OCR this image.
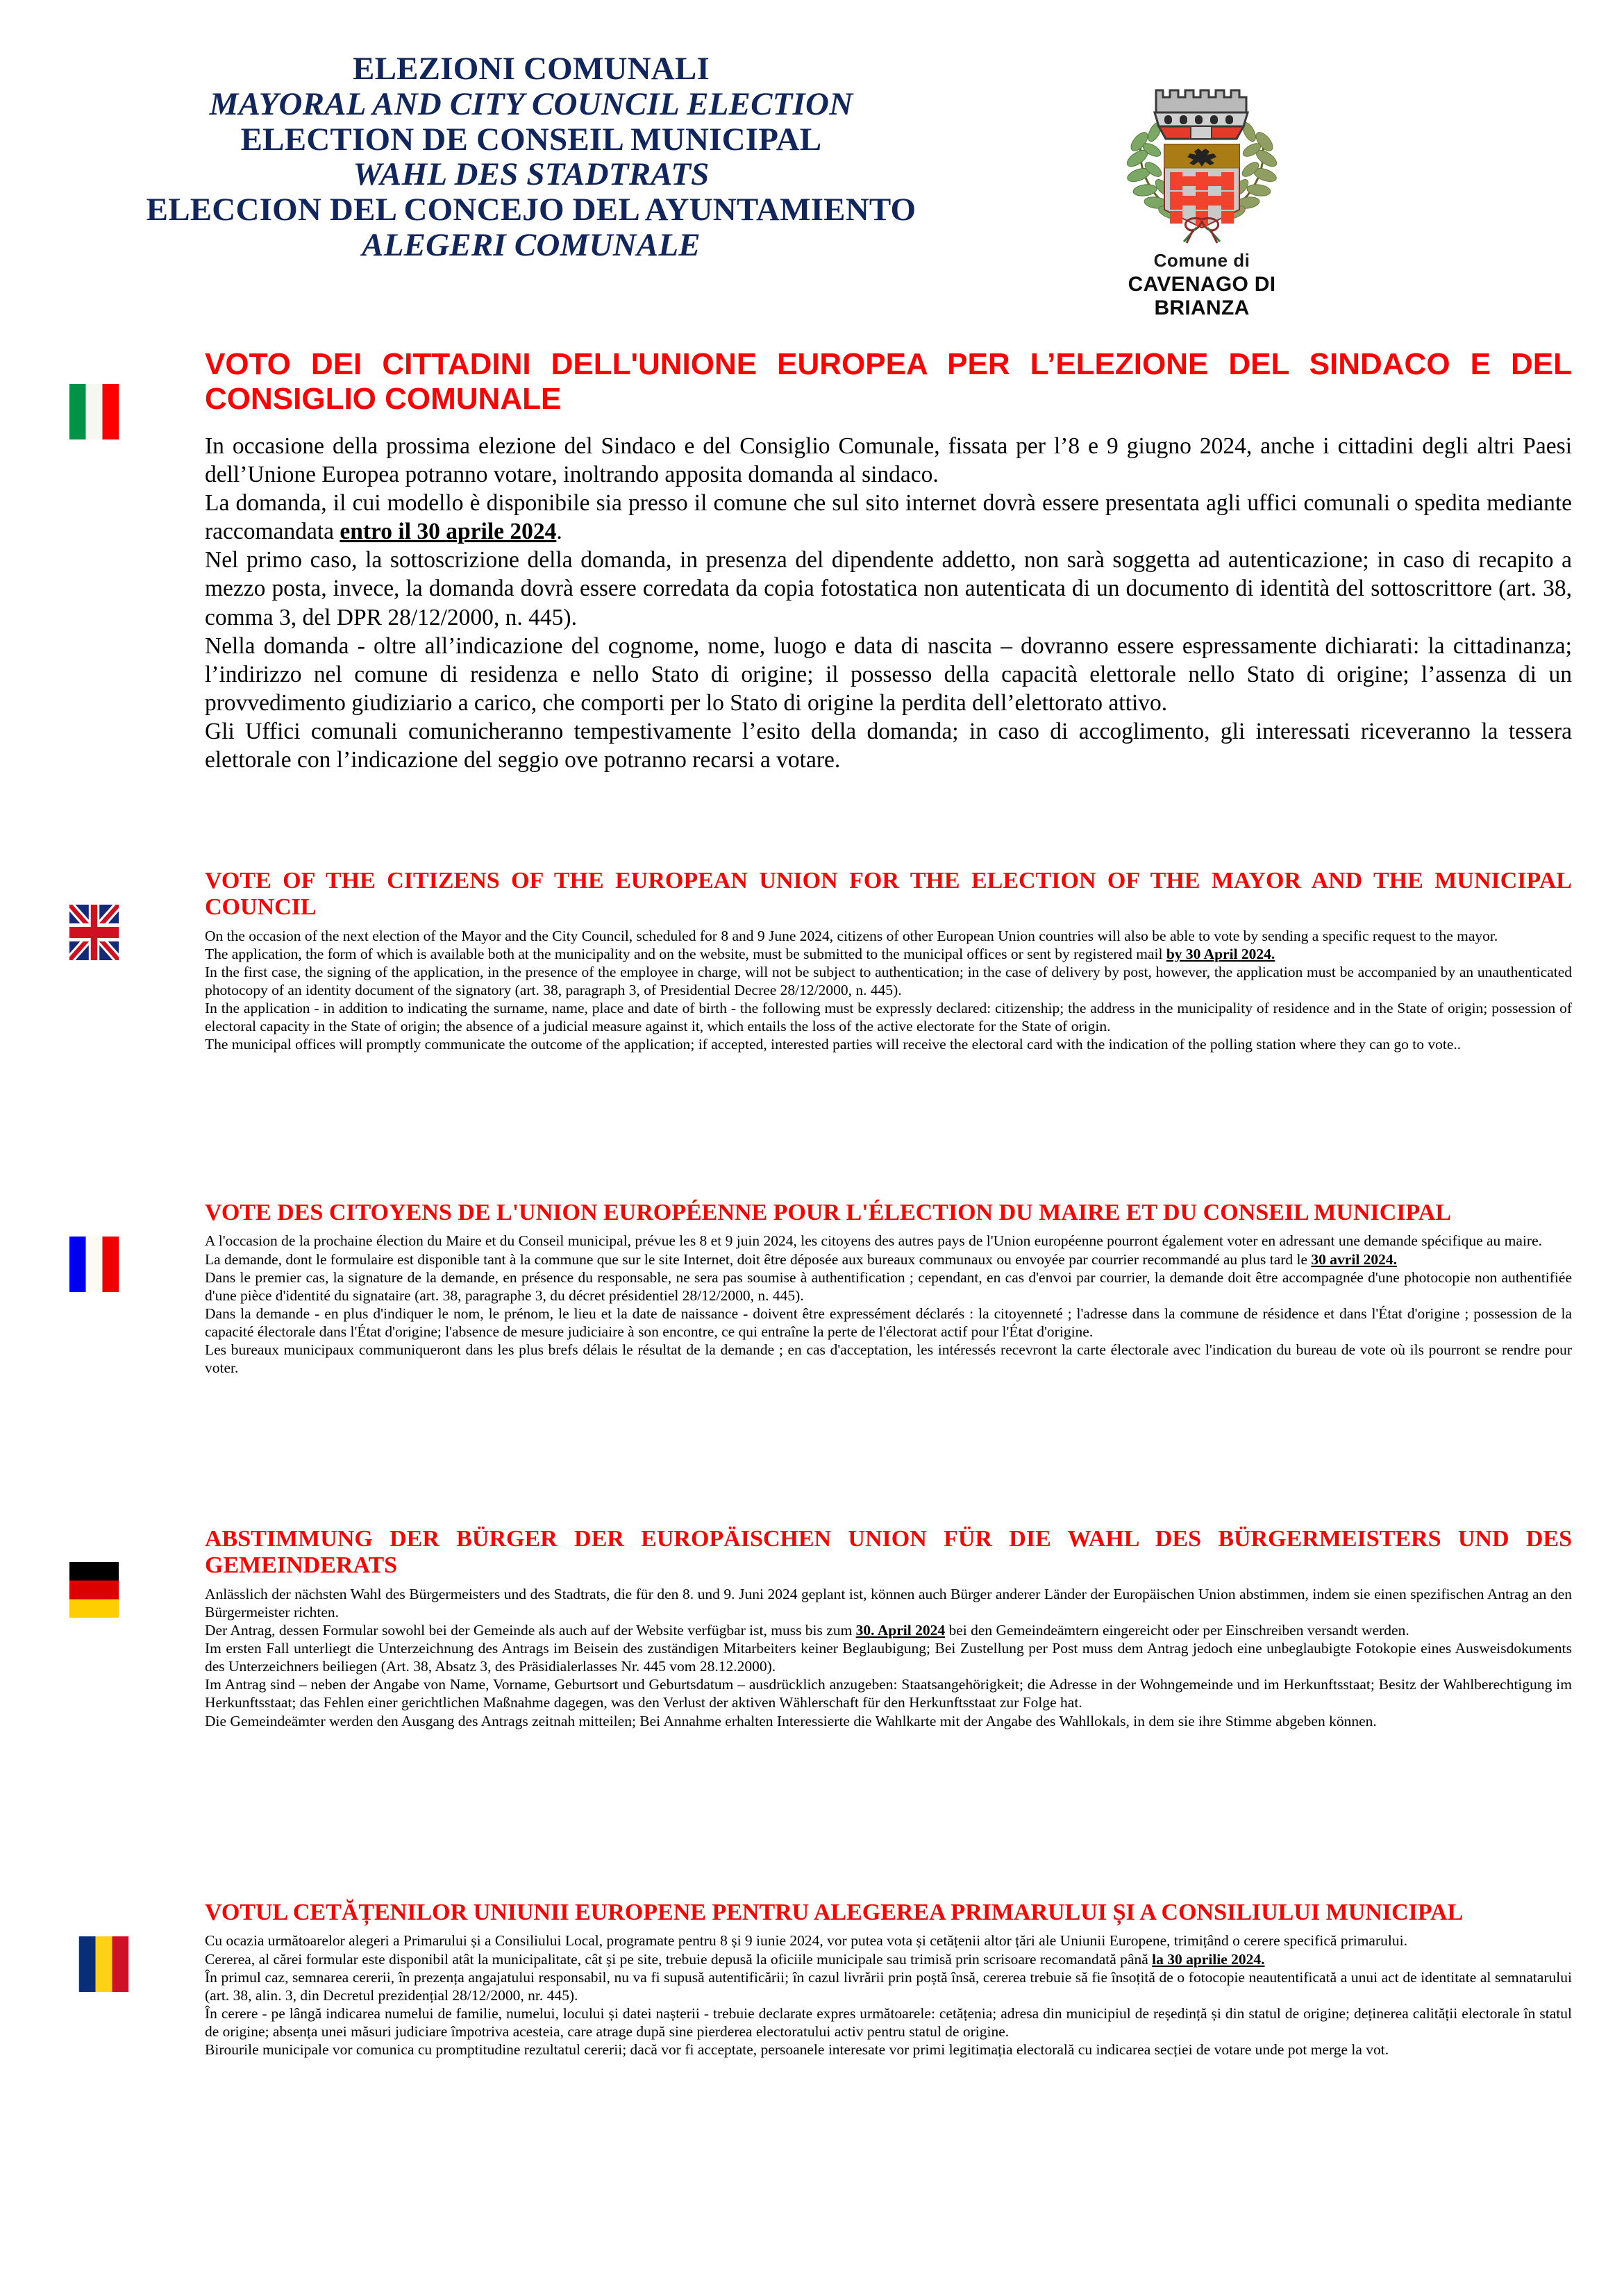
ELEZIONI COMUNALI
MAYORAL AND CITY COUNCIL ELECTION
ELECTION DE CONSEIL MUNICIPAL
WAHL DES STADTRATS
ELECCION DEL CONCEJO DEL AYUNTAMIENTO
ALEGERI COMUNALE	Comune di
CAVENAGO DI BRIANZA
VOTO DEI CITTADINI DELL'UNIONE EUROPEA PER L’ELEZIONE DEL SINDACO E DEL CONSIGLIO COMUNALE

In occasione della prossima elezione del Sindaco e del Consiglio Comunale, fissata per l’8 e 9 giugno 2024, anche i cittadini degli altri Paesi dell’Unione Europea potranno votare, inoltrando apposita domanda al sindaco.

La domanda, il cui modello è disponibile sia presso il comune che sul sito internet dovrà essere presentata agli uffici comunali o spedita mediante raccomandata entro il 30 aprile 2024.

Nel primo caso, la sottoscrizione della domanda, in presenza del dipendente addetto, non sarà soggetta ad autenticazione; in caso di recapito a mezzo posta, invece, la domanda dovrà essere corredata da copia fotostatica non autenticata di un documento di identità del sottoscrittore (art. 38, comma 3, del DPR 28/12/2000, n. 445).

Nella domanda - oltre all’indicazione del cognome, nome, luogo e data di nascita – dovranno essere espressamente dichiarati: la cittadinanza; l’indirizzo nel comune di residenza e nello Stato di origine; il possesso della capacità elettorale nello Stato di origine; l’assenza di un provvedimento giudiziario a carico, che comporti per lo Stato di origine la perdita dell’elettorato attivo.

Gli Uffici comunali comunicheranno tempestivamente l’esito della domanda; in caso di accoglimento, gli interessati riceveranno la tessera elettorale con l’indicazione del seggio ove potranno recarsi a votare.

VOTE OF THE CITIZENS OF THE EUROPEAN UNION FOR THE ELECTION OF THE MAYOR AND THE MUNICIPAL COUNCIL

On the occasion of the next election of the Mayor and the City Council, scheduled for 8 and 9 June 2024, citizens of other European Union countries will also be able to vote by sending a specific request to the mayor.

The application, the form of which is available both at the municipality and on the website, must be submitted to the municipal offices or sent by registered mail by 30 April 2024.

In the first case, the signing of the application, in the presence of the employee in charge, will not be subject to authentication; in the case of delivery by post, however, the application must be accompanied by an unauthenticated photocopy of an identity document of the signatory (art. 38, paragraph 3, of Presidential Decree 28/12/2000, n. 445).

In the application - in addition to indicating the surname, name, place and date of birth - the following must be expressly declared: citizenship; the address in the municipality of residence and in the State of origin; possession of electoral capacity in the State of origin; the absence of a judicial measure against it, which entails the loss of the active electorate for the State of origin.

The municipal offices will promptly communicate the outcome of the application; if accepted, interested parties will receive the electoral card with the indication of the polling station where they can go to vote..

VOTE DES CITOYENS DE L'UNION EUROPÉENNE POUR L'ÉLECTION DU MAIRE ET DU CONSEIL MUNICIPAL

A l'occasion de la prochaine élection du Maire et du Conseil municipal, prévue les 8 et 9 juin 2024, les citoyens des autres pays de l'Union européenne pourront également voter en adressant une demande spécifique au maire.

La demande, dont le formulaire est disponible tant à la commune que sur le site Internet, doit être déposée aux bureaux communaux ou envoyée par courrier recommandé au plus tard le 30 avril 2024.

Dans le premier cas, la signature de la demande, en présence du responsable, ne sera pas soumise à authentification ; cependant, en cas d'envoi par courrier, la demande doit être accompagnée d'une photocopie non authentifiée d'une pièce d'identité du signataire (art. 38, paragraphe 3, du décret présidentiel 28/12/2000, n. 445).

Dans la demande - en plus d'indiquer le nom, le prénom, le lieu et la date de naissance - doivent être expressément déclarés : la citoyenneté ; l'adresse dans la commune de résidence et dans l'État d'origine ; possession de la capacité électorale dans l'État d'origine; l'absence de mesure judiciaire à son encontre, ce qui entraîne la perte de l'électorat actif pour l'État d'origine.

Les bureaux municipaux communiqueront dans les plus brefs délais le résultat de la demande ; en cas d'acceptation, les intéressés recevront la carte électorale avec l'indication du bureau de vote où ils pourront se rendre pour voter.

ABSTIMMUNG DER BÜRGER DER EUROPÄISCHEN UNION FÜR DIE WAHL DES BÜRGERMEISTERS UND DES GEMEINDERATS

Anlässlich der nächsten Wahl des Bürgermeisters und des Stadtrats, die für den 8. und 9. Juni 2024 geplant ist, können auch Bürger anderer Länder der Europäischen Union abstimmen, indem sie einen spezifischen Antrag an den Bürgermeister richten.

Der Antrag, dessen Formular sowohl bei der Gemeinde als auch auf der Website verfügbar ist, muss bis zum 30. April 2024 bei den Gemeindeämtern eingereicht oder per Einschreiben versandt werden.

Im ersten Fall unterliegt die Unterzeichnung des Antrags im Beisein des zuständigen Mitarbeiters keiner Beglaubigung; Bei Zustellung per Post muss dem Antrag jedoch eine unbeglaubigte Fotokopie eines Ausweisdokuments des Unterzeichners beiliegen (Art. 38, Absatz 3, des Präsidialerlasses Nr. 445 vom 28.12.2000).

Im Antrag sind – neben der Angabe von Name, Vorname, Geburtsort und Geburtsdatum – ausdrücklich anzugeben: Staatsangehörigkeit; die Adresse in der Wohngemeinde und im Herkunftsstaat; Besitz der Wahlberechtigung im Herkunftsstaat; das Fehlen einer gerichtlichen Maßnahme dagegen, was den Verlust der aktiven Wählerschaft für den Herkunftsstaat zur Folge hat.

Die Gemeindeämter werden den Ausgang des Antrags zeitnah mitteilen; Bei Annahme erhalten Interessierte die Wahlkarte mit der Angabe des Wahllokals, in dem sie ihre Stimme abgeben können.

VOTUL CETĂȚENILOR UNIUNII EUROPENE PENTRU ALEGEREA PRIMARULUI ȘI A CONSILIULUI MUNICIPAL

Cu ocazia următoarelor alegeri a Primarului și a Consiliului Local, programate pentru 8 și 9 iunie 2024, vor putea vota și cetățenii altor țări ale Uniunii Europene, trimițând o cerere specifică primarului.

Cererea, al cărei formular este disponibil atât la municipalitate, cât și pe site, trebuie depusă la oficiile municipale sau trimisă prin scrisoare recomandată până la 30 aprilie 2024.

În primul caz, semnarea cererii, în prezența angajatului responsabil, nu va fi supusă autentificării; în cazul livrării prin poștă însă, cererea trebuie să fie însoțită de o fotocopie neautentificată a unui act de identitate al semnatarului (art. 38, alin. 3, din Decretul prezidențial 28/12/2000, nr. 445).

În cerere - pe lângă indicarea numelui de familie, numelui, locului și datei nașterii - trebuie declarate expres următoarele: cetățenia; adresa din municipiul de reședință și din statul de origine; deținerea calității electorale în statul de origine; absența unei măsuri judiciare împotriva acesteia, care atrage după sine pierderea electoratului activ pentru statul de origine.

Birourile municipale vor comunica cu promptitudine rezultatul cererii; dacă vor fi acceptate, persoanele interesate vor primi legitimația electorală cu indicarea secției de votare unde pot merge la vot.
